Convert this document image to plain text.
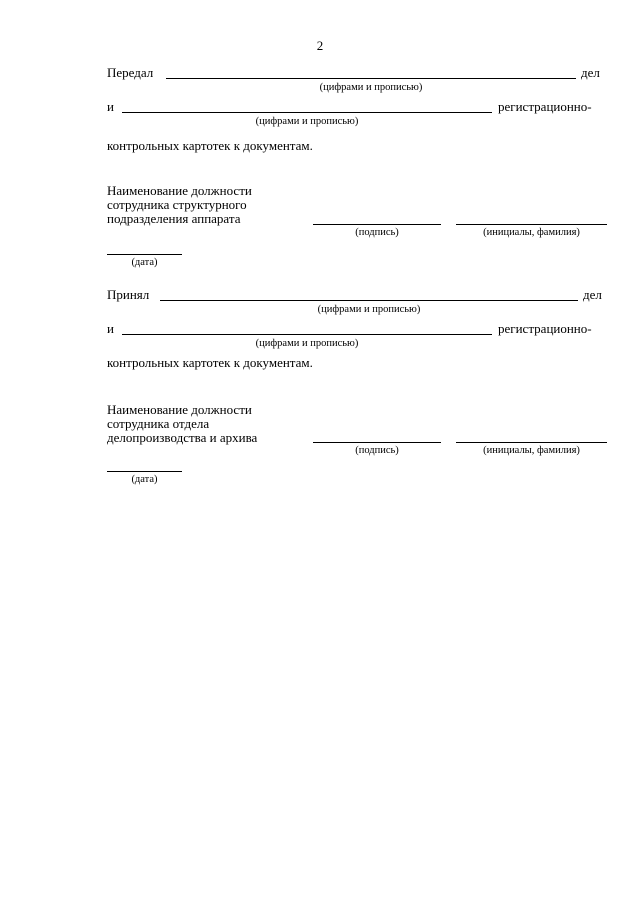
2
Передал	дел
(цифрами и прописью)
и	регистрационно-
(цифрами и прописью)
контрольных картотек к документам.
Наименование должности
сотрудника структурного
подразделения аппарата
(подпись)	(инициалы, фамилия)
(дата)
Принял	дел
(цифрами и прописью)
и	регистрационно-
(цифрами и прописью)
контрольных картотек к документам.
Наименование должности
сотрудника отдела
делопроизводства и архива
(подпись)	(инициалы, фамилия)
(дата)
